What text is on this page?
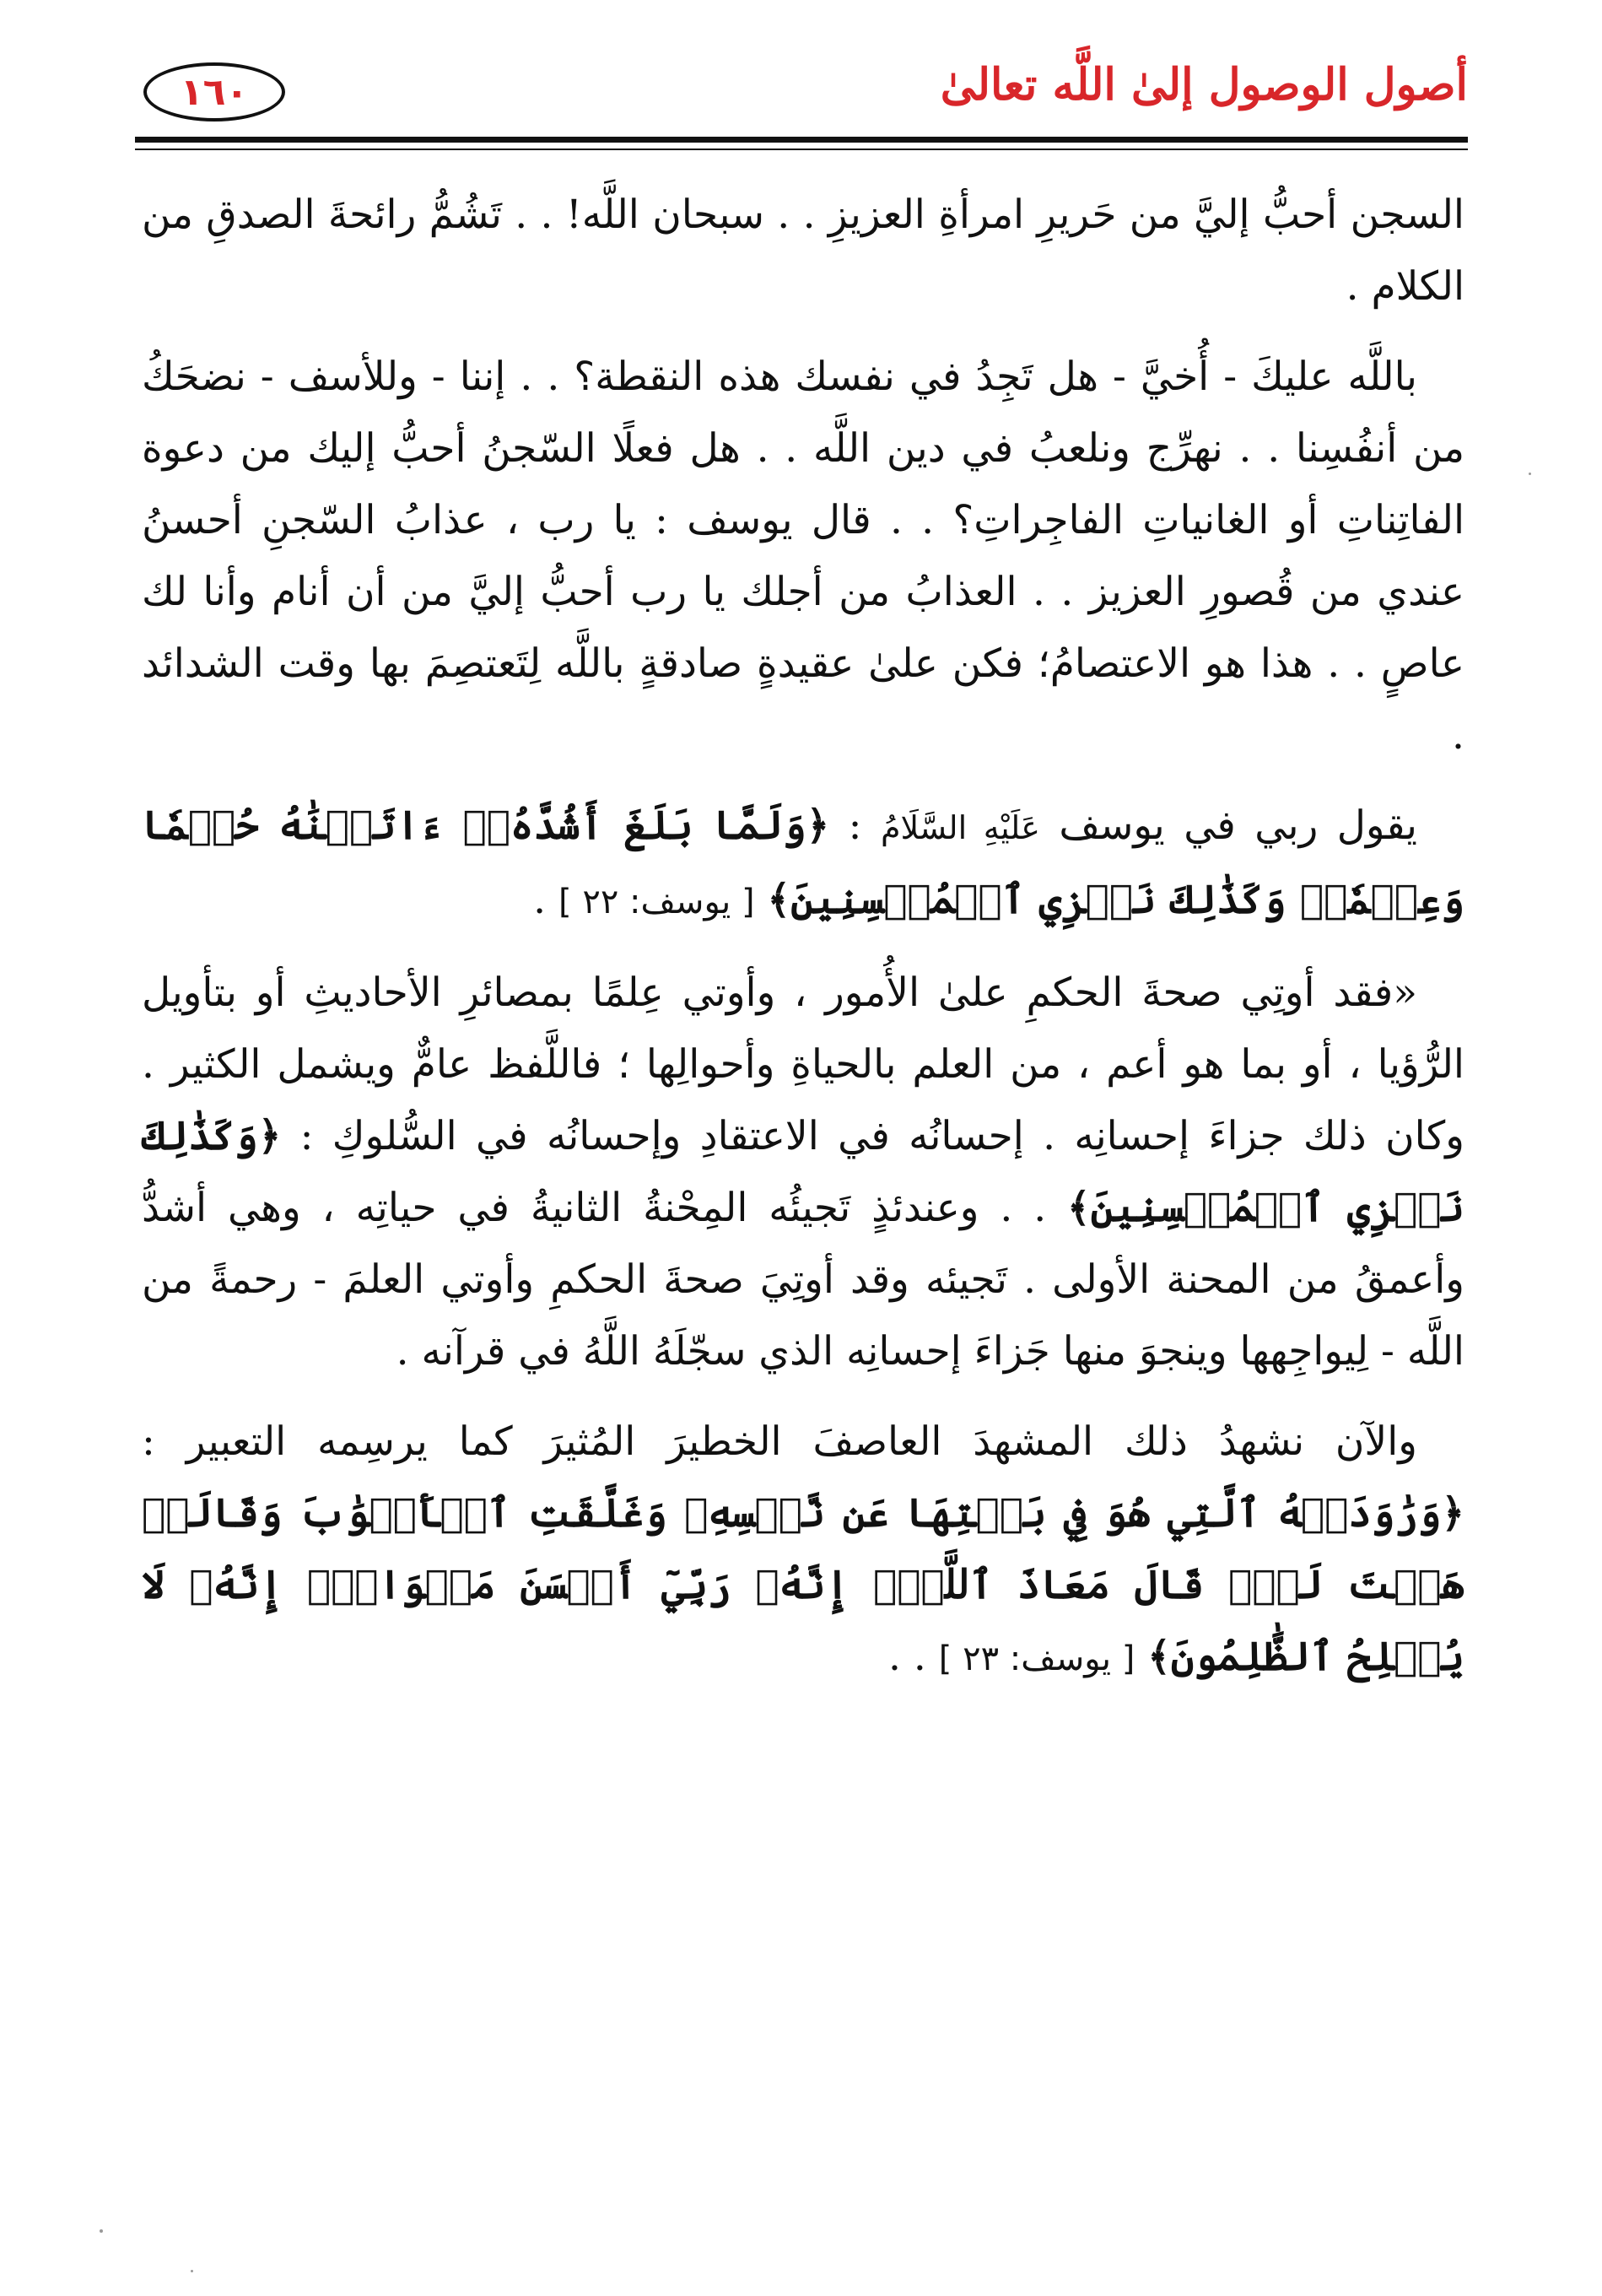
أصول الوصول إلىٰ اللَّه تعالىٰ
١٦٠

السجن أحبُّ إليَّ من حَريرِ امرأةِ العزيزِ . . سبحان اللَّه! . . تَشُمُّ رائحةَ الصدقِ من الكلام .

باللَّه عليكَ - أُخيَّ - هل تَجِدُ في نفسك هذه النقطة؟ . . إننا - وللأسف - نضحَكُ من أنفُسِنا . . نهرِّج ونلعبُ في دين اللَّه . . هل فعلًا السّجنُ أحبُّ إليك من دعوة الفاتِناتِ أو الغانياتِ الفاجِراتِ؟ . . قال يوسف : يا رب ، عذابُ السّجنِ أحسنُ عندي من قُصورِ العزيز . . العذابُ من أجلك يا رب أحبُّ إليَّ من أن أنام وأنا لك عاصٍ . . هذا هو الاعتصامُ؛ فكن علىٰ عقيدةٍ صادقةٍ باللَّه لِتَعتصِمَ بها وقت الشدائد .

يقول ربي في يوسف عَلَيْهِ السَّلَامُ : ﴿وَلَمَّا بَلَغَ أَشُدَّهُۥٓ ءَاتَيۡنَٰهُ حُكۡمٗا وَعِلۡمٗاۚ وَكَذَٰلِكَ نَجۡزِي ٱلۡمُحۡسِنِينَ﴾ [ يوسف: ٢٢ ] .

«فقد أوتِي صحةَ الحكمِ علىٰ الأُمور ، وأوتي عِلمًا بمصائرِ الأحاديثِ أو بتأويل الرُّؤيا ، أو بما هو أعم ، من العلم بالحياةِ وأحوالِها ؛ فاللَّفظ عامٌّ ويشمل الكثير . وكان ذلك جزاءَ إحسانِه . إحسانُه في الاعتقادِ وإحسانُه في السُّلوكِ : ﴿وَكَذَٰلِكَ نَجۡزِي ٱلۡمُحۡسِنِينَ﴾ . . وعندئذٍ تَجيئُه المِحْنةُ الثانيةُ في حياتِه ، وهي أشدُّ وأعمقُ من المحنة الأولى . تَجيئه وقد أوتِيَ صحةَ الحكمِ وأوتي العلمَ - رحمةً من اللَّه - لِيواجِهها وينجوَ منها جَزاءَ إحسانِه الذي سجّلَهُ اللَّهُ في قرآنه .

والآن نشهدُ ذلك المشهدَ العاصفَ الخطيرَ المُثيرَ كما يرسِمه التعبير : ﴿وَرَٰوَدَتۡهُ ٱلَّتِي هُوَ فِي بَيۡتِهَا عَن نَّفۡسِهِۦ وَغَلَّقَتِ ٱلۡأَبۡوَٰبَ وَقَالَتۡ هَيۡتَ لَكَۚ قَالَ مَعَاذَ ٱللَّهِۖ إِنَّهُۥ رَبِّيٓ أَحۡسَنَ مَثۡوَايَۖ إِنَّهُۥ لَا يُفۡلِحُ ٱلظَّٰلِمُونَ﴾ [ يوسف: ٢٣ ] . .
